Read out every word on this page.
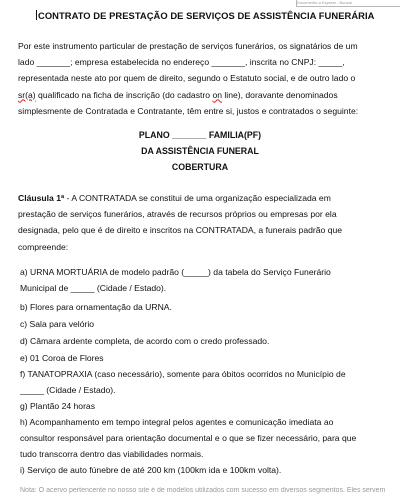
Documento a Esperar - Bonsai
CONTRATO DE PRESTAÇÃO DE SERVIÇOS DE ASSISTÊNCIA FUNERÁRIA
Por este instrumento particular de prestação de serviços funerários, os signatários de um
lado _______; empresa estabelecida no endereço _______, inscrita no CNPJ: _____,
representada neste ato por quem de direito, segundo o Estatuto social, e de outro lado o
sr(a) qualificado na ficha de inscrição (do cadastro on line), doravante denominados
simplesmente de Contratada e Contratante, têm entre si, justos e contratados o seguinte:
PLANO _______ FAMILIA(PF)
DA ASSISTÊNCIA FUNERAL
COBERTURA
Cláusula 1ª - A CONTRATADA se constitui de uma organização especializada em
prestação de serviços funerários, através de recursos próprios ou empresas por ela
designada, pelo que é de direito e inscritos na CONTRATADA, a funerais padrão que
compreende:
a) URNA MORTUÁRIA de modelo padrão (_____) da tabela do Serviço Funerário
Municipal de _____ (Cidade / Estado).
b) Flores para ornamentação da URNA.
c) Sala para velório
d) Câmara ardente completa, de acordo com o credo professado.
e) 01 Coroa de Flores
f) TANATOPRAXIA (caso necessário), somente para óbitos ocorridos no Município de
_____ (Cidade / Estado).
g) Plantão 24 horas
h) Acompanhamento em tempo integral pelos agentes e comunicação imediata ao
consultor responsável para orientação documental e o que se fizer necessário, para que
tudo transcorra dentro das viabilidades normais.
i) Serviço de auto fúnebre de até 200 km (100km ida e 100km volta).
Nota: O acervo pertencente no nosso site é de modelos utilizados com sucesso em diversos segmentos. Eles servem
